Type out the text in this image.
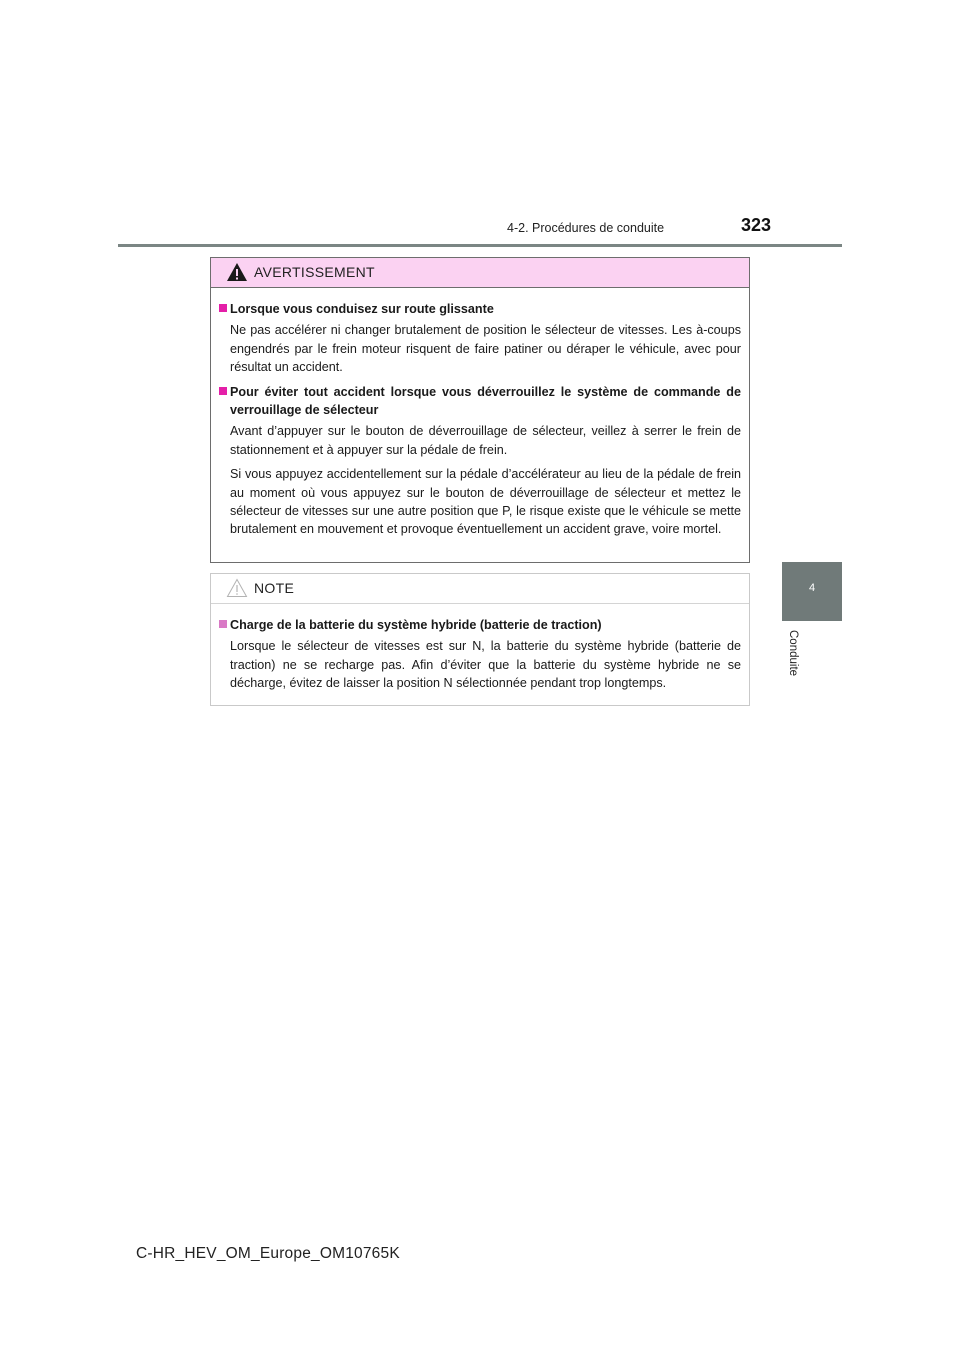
4-2. Procédures de conduite	323
4
Conduite
AVERTISSEMENT
Lorsque vous conduisez sur route glissante
Ne pas accélérer ni changer brutalement de position le sélecteur de vitesses. Les à-coups engendrés par le frein moteur risquent de faire patiner ou déraper le véhicule, avec pour résultat un accident.
Pour éviter tout accident lorsque vous déverrouillez le système de commande de verrouillage de sélecteur
Avant d’appuyer sur le bouton de déverrouillage de sélecteur, veillez à serrer le frein de stationnement et à appuyer sur la pédale de frein.
Si vous appuyez accidentellement sur la pédale d’accélérateur au lieu de la pédale de frein au moment où vous appuyez sur le bouton de déverrouillage de sélecteur et mettez le sélecteur de vitesses sur une autre position que P, le risque existe que le véhicule se mette brutalement en mouvement et provoque éventuellement un accident grave, voire mortel.
NOTE
Charge de la batterie du système hybride (batterie de traction)
Lorsque le sélecteur de vitesses est sur N, la batterie du système hybride (batterie de traction) ne se recharge pas. Afin d’éviter que la batterie du système hybride ne se décharge, évitez de laisser la position N sélectionnée pendant trop longtemps.
C-HR_HEV_OM_Europe_OM10765K
